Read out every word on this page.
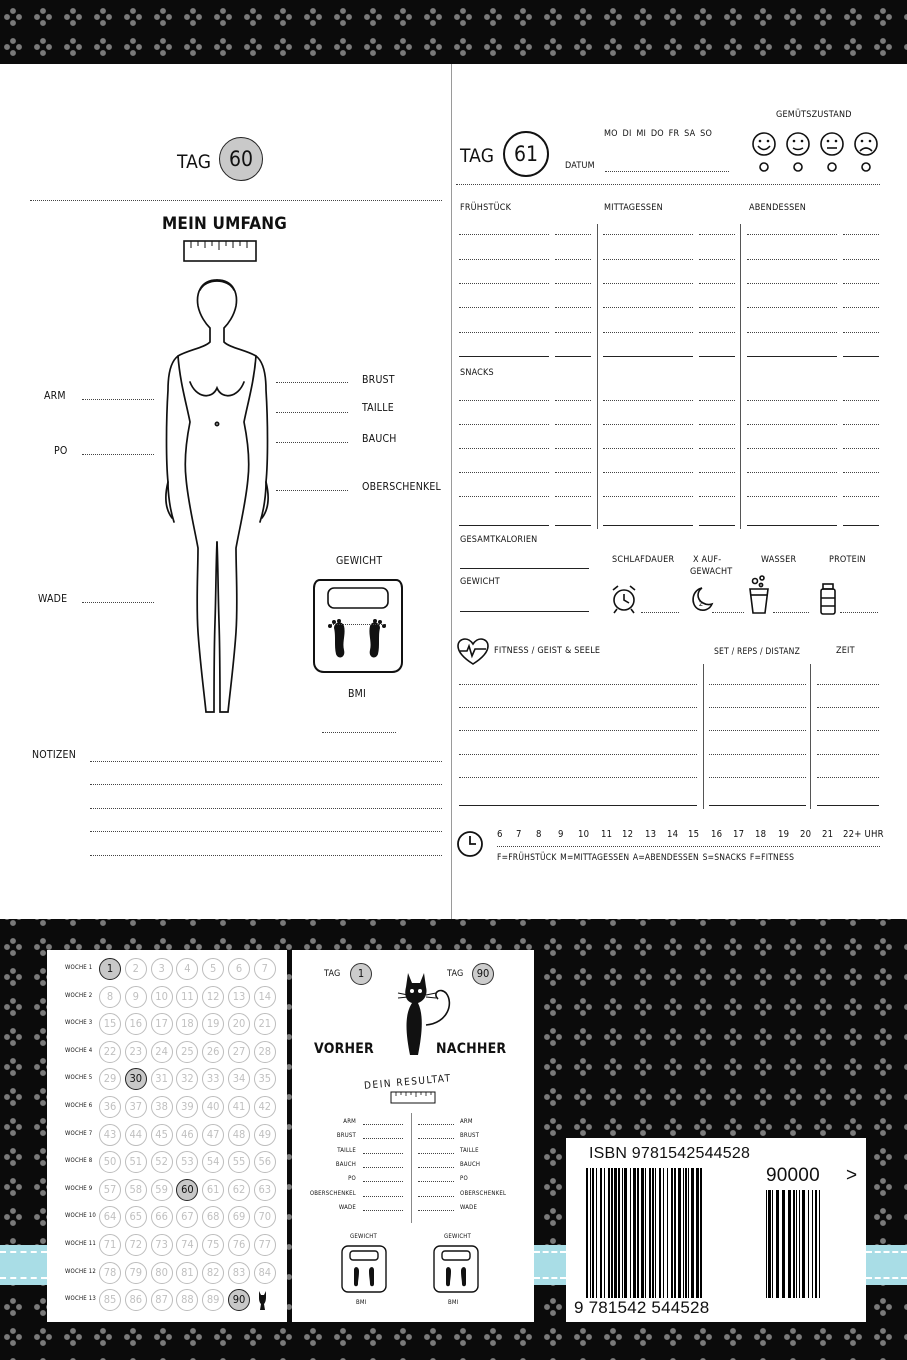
TAG 60
MEIN UMFANG
ARM
PO
WADE
BRUST
TAILLE
BAUCH
OBERSCHENKEL
GEWICHT
BMI
NOTIZEN
TAG 61
MO DI MI DO FR SA SO
DATUM
GEMÜTSZUSTAND
FRÜHSTÜCK	MITTAGESSEN	ABENDESSEN
SNACKS
GESAMTKALORIEN
GEWICHT
SCHLAFDAUER X AUF-
GEWACHT
WASSER	PROTEIN
z
FITNESS / GEIST & SEELE	SET / REPS / DISTANZ	ZEIT
F=FRÜHSTÜCK M=MITTAGESSEN A=ABENDESSEN S=SNACKS F=FITNESS
6 7 8 9 10 11 12 13 14 15 16 17 18 19 20 21 22+ UHR
WOCHE 1	1	2	3	4	5	6	7
WOCHE 2	8	9	10	11	12	13	14
WOCHE 3	15	16	17	18	19	20	21
WOCHE 4	22	23	24	25	26	27	28
WOCHE 5	29	30	31	32	33	34	35
WOCHE 6	36	37	38	39	40	41	42
WOCHE 7	43	44	45	46	47	48	49
WOCHE 8	50	51	52	53	54	55	56
WOCHE 9	57	58	59	60	61	62	63
WOCHE 10 64	65	66	67	68	69	70
WOCHE 11 71	72	73	74	75	76	77
WOCHE 12 78	79	80	81	82	83	84
WOCHE 13 85	86	87	88	89	90
TAG	1	TAG	90
VORHER	NACHHER
DEIN RESULTAT
GEWICHT	GEWICHT
BMI	BMI
ARM	ARM
BRUST	BRUST
TAILLE	TAILLE
BAUCH	BAUCH
PO	PO
OBERSCHENKEL	OBERSCHENKEL
WADE	WADE
ISBN 9781542544528
90000 >
9 781542 544528
